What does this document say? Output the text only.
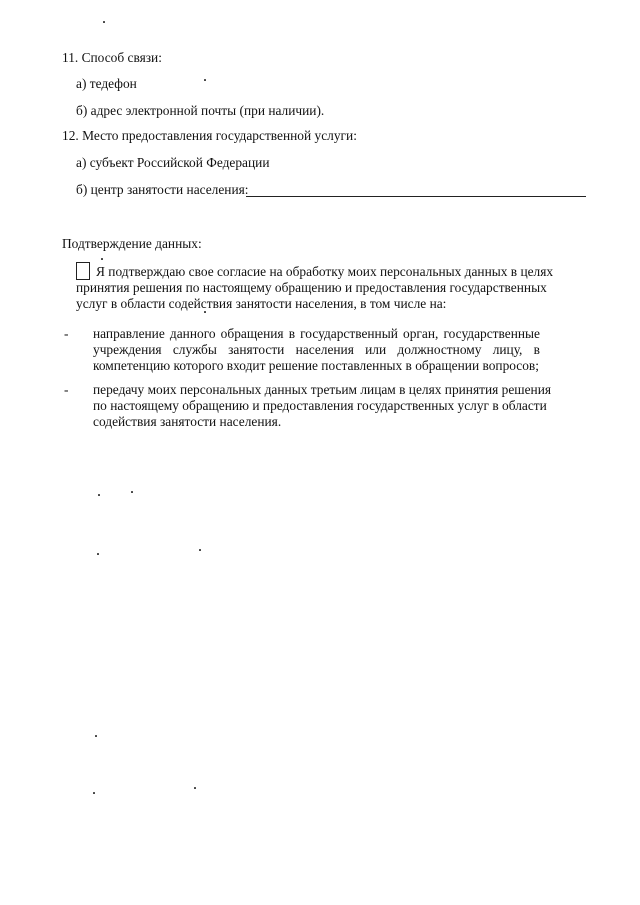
11. Способ связи:
а) тедефон
б) адрес электронной почты (при наличии).
12. Место предоставления государственной услуги:
а) субъект Российской Федерации
б) центр занятости населения:
Подтверждение данных:
Я подтверждаю свое согласие на обработку моих персональных данных в целях
принятия решения по настоящему обращению и предоставления государственных
услуг в области содействия занятости населения, в том числе на:
- направление данного обращения в государственный орган, государственные
учреждения службы занятости населения или должностному лицу, в
компетенцию которого входит решение поставленных в обращении вопросов;
- передачу моих персональных данных третьим лицам в целях принятия решения
по настоящему обращению и предоставления государственных услуг в области
содействия занятости населения.
